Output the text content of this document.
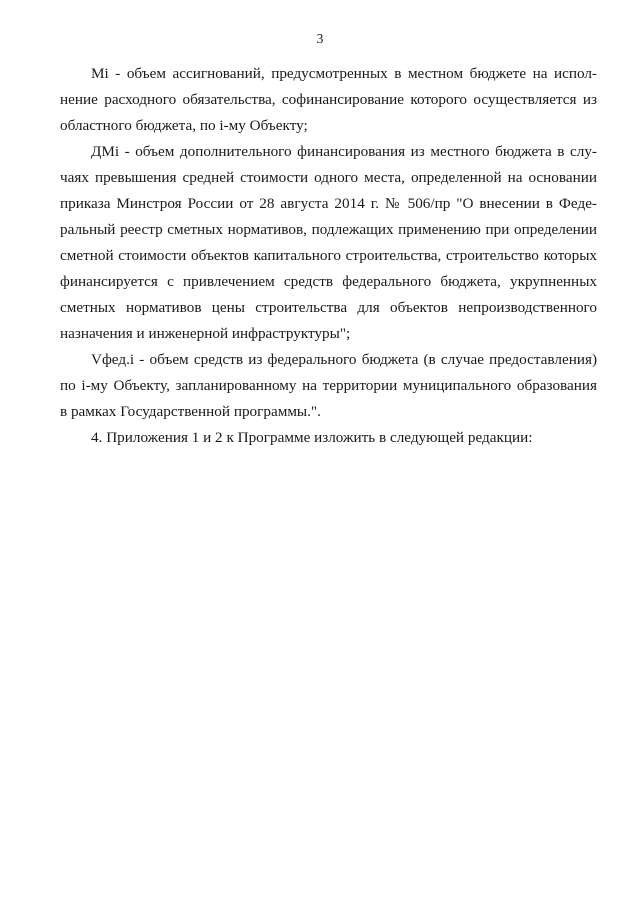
3
Mi - объем ассигнований, предусмотренных в местном бюджете на испол-
нение расходного обязательства, софинансирование которого осуществляется из
областного бюджета, по i-му Объекту;
ДMi - объем дополнительного финансирования из местного бюджета в слу-
чаях превышения средней стоимости одного места, определенной на основании
приказа Минстроя России от 28 августа 2014 г. № 506/пр "О внесении в Феде-
ральный реестр сметных нормативов, подлежащих применению при определении
сметной стоимости объектов капитального строительства, строительство которых
финансируется с привлечением средств федерального бюджета, укрупненных
сметных нормативов цены строительства для объектов непроизводственного
назначения и инженерной инфраструктуры";
Vфед.i - объем средств из федерального бюджета (в случае предоставления)
по i-му Объекту, запланированному на территории муниципального образования
в рамках Государственной программы.".
4. Приложения 1 и 2 к Программе изложить в следующей редакции:
